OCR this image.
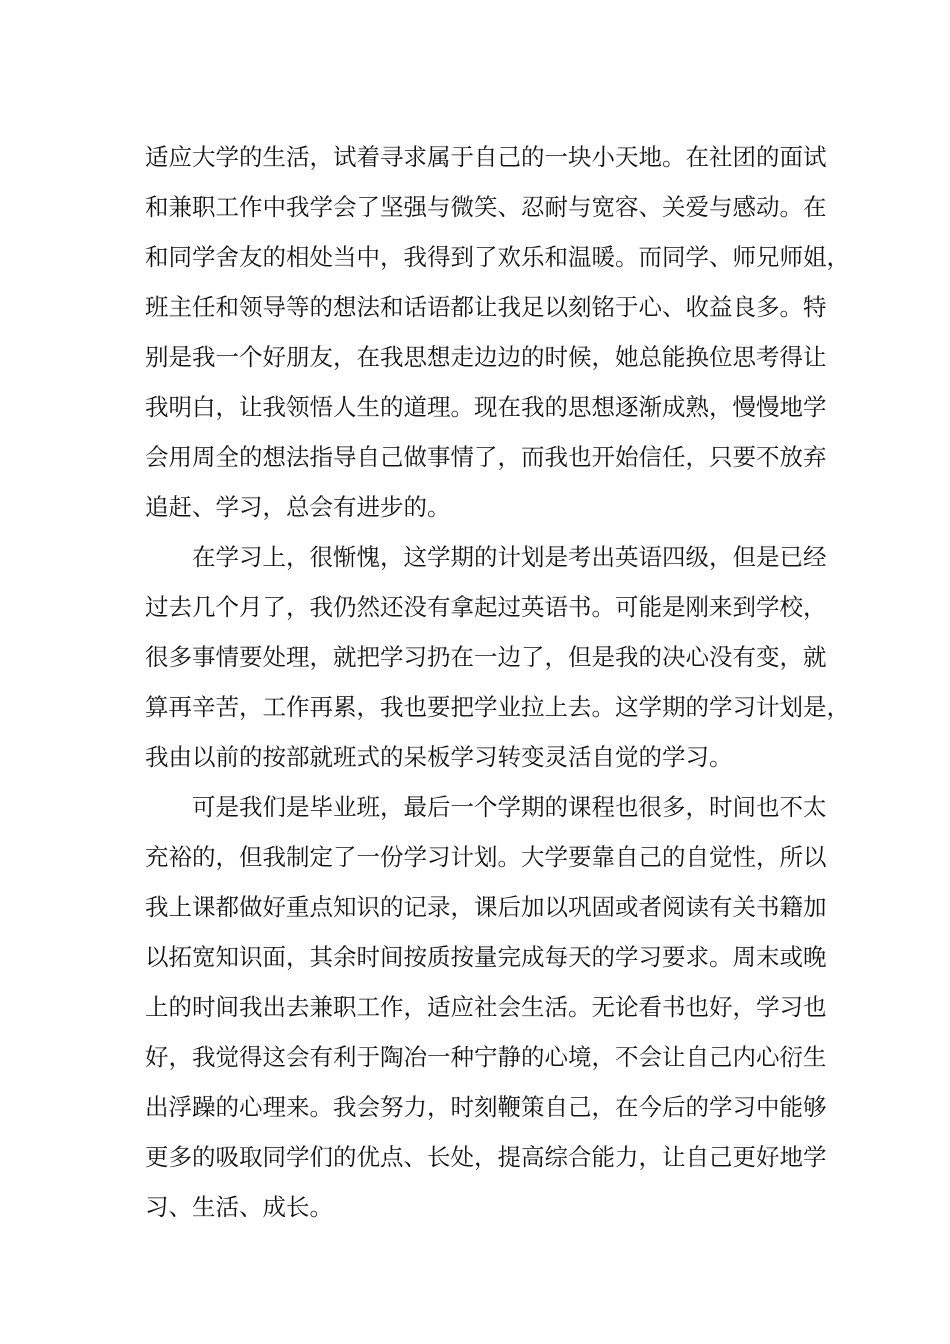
适应大学的生活，试着寻求属于自己的一块小天地。在社团的面试
和兼职工作中我学会了坚强与微笑、忍耐与宽容、关爱与感动。在
和同学舍友的相处当中，我得到了欢乐和温暖。而同学、师兄师姐，
班主任和领导等的想法和话语都让我足以刻铭于心、收益良多。特
别是我一个好朋友，在我思想走边边的时候，她总能换位思考得让
我明白，让我领悟人生的道理。现在我的思想逐渐成熟，慢慢地学
会用周全的想法指导自己做事情了，而我也开始信任，只要不放弃
追赶、学习，总会有进步的。
在学习上，很惭愧，这学期的计划是考出英语四级，但是已经
过去几个月了，我仍然还没有拿起过英语书。可能是刚来到学校，
很多事情要处理，就把学习扔在一边了，但是我的决心没有变，就
算再辛苦，工作再累，我也要把学业拉上去。这学期的学习计划是，
我由以前的按部就班式的呆板学习转变灵活自觉的学习。
可是我们是毕业班，最后一个学期的课程也很多，时间也不太
充裕的，但我制定了一份学习计划。大学要靠自己的自觉性，所以
我上课都做好重点知识的记录，课后加以巩固或者阅读有关书籍加
以拓宽知识面，其余时间按质按量完成每天的学习要求。周末或晚
上的时间我出去兼职工作，适应社会生活。无论看书也好，学习也
好，我觉得这会有利于陶冶一种宁静的心境，不会让自己内心衍生
出浮躁的心理来。我会努力，时刻鞭策自己，在今后的学习中能够
更多的吸取同学们的优点、长处，提高综合能力，让自己更好地学
习、生活、成长。
